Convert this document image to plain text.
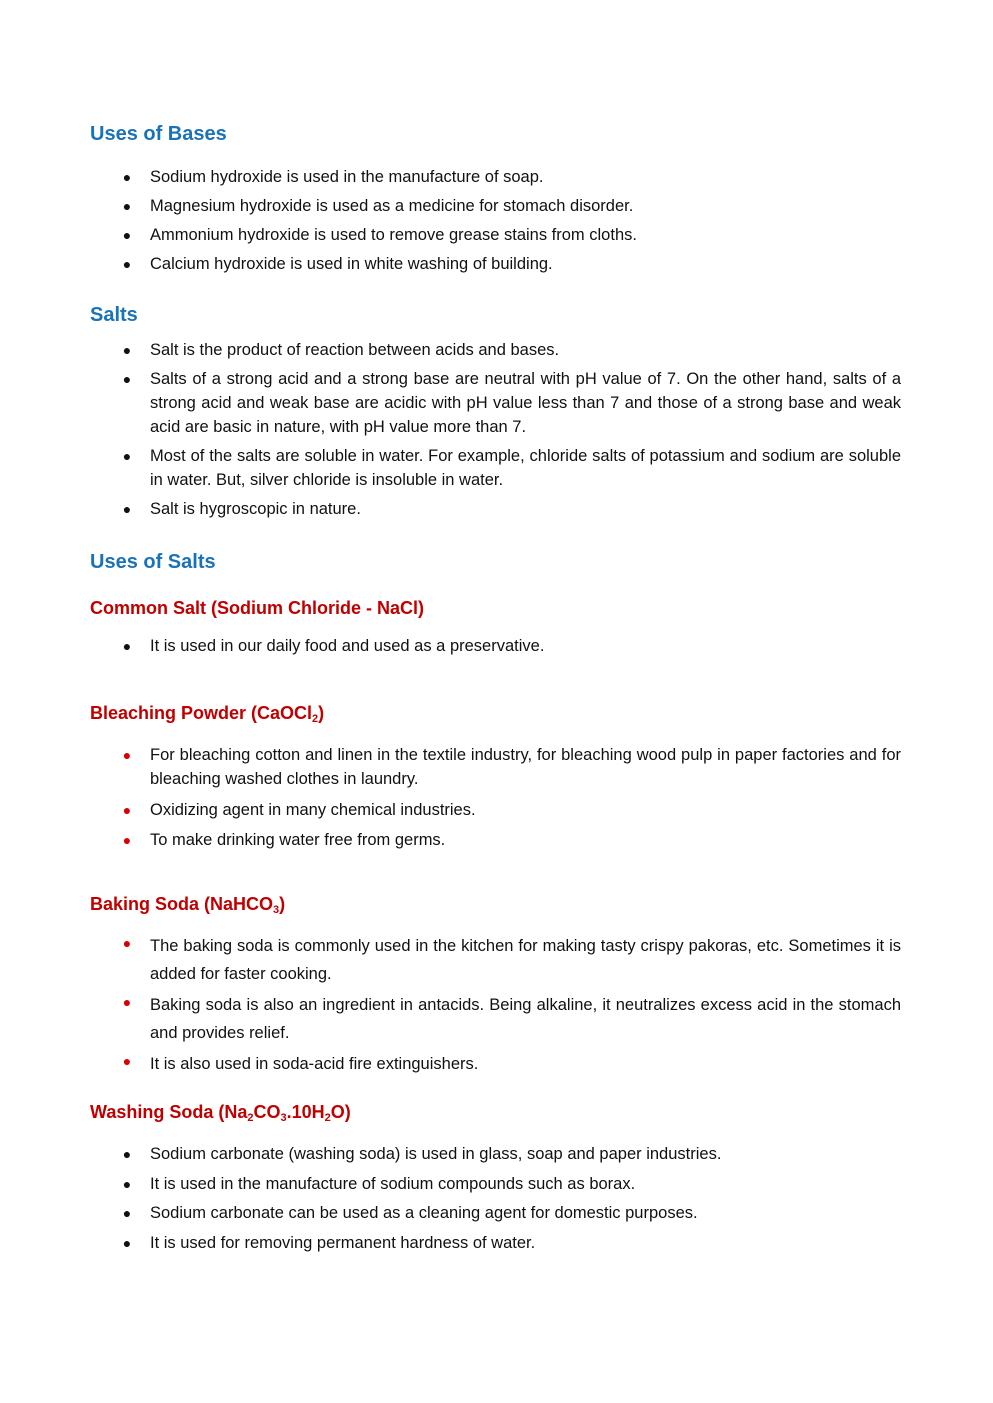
Uses of Bases
● Sodium hydroxide is used in the manufacture of soap.
● Magnesium hydroxide is used as a medicine for stomach disorder.
● Ammonium hydroxide is used to remove grease stains from cloths.
● Calcium hydroxide is used in white washing of building.
Salts
● Salt is the product of reaction between acids and bases.
● Salts of a strong acid and a strong base are neutral with pH value of 7. On the other hand, salts of a strong acid and weak base are acidic with pH value less than 7 and those of a strong base and weak acid are basic in nature, with pH value more than 7.
● Most of the salts are soluble in water. For example, chloride salts of potassium and sodium are soluble in water. But, silver chloride is insoluble in water.
● Salt is hygroscopic in nature.
Uses of Salts
Common Salt (Sodium Chloride - NaCl)
● It is used in our daily food and used as a preservative.
Bleaching Powder (CaOCl$_2$)
● For bleaching cotton and linen in the textile industry, for bleaching wood pulp in paper factories and for bleaching washed clothes in laundry.
● Oxidizing agent in many chemical industries.
● To make drinking water free from germs.
Baking Soda (NaHCO$_3$)
● The baking soda is commonly used in the kitchen for making tasty crispy pakoras, etc. Sometimes it is added for faster cooking.
● Baking soda is also an ingredient in antacids. Being alkaline, it neutralizes excess acid in the stomach and provides relief.
● It is also used in soda-acid fire extinguishers.
Washing Soda $(Na_2CO_3.10H_2O)$
● Sodium carbonate (washing soda) is used in glass, soap and paper industries.
● It is used in the manufacture of sodium compounds such as borax.
● Sodium carbonate can be used as a cleaning agent for domestic purposes.
● It is used for removing permanent hardness of water.
